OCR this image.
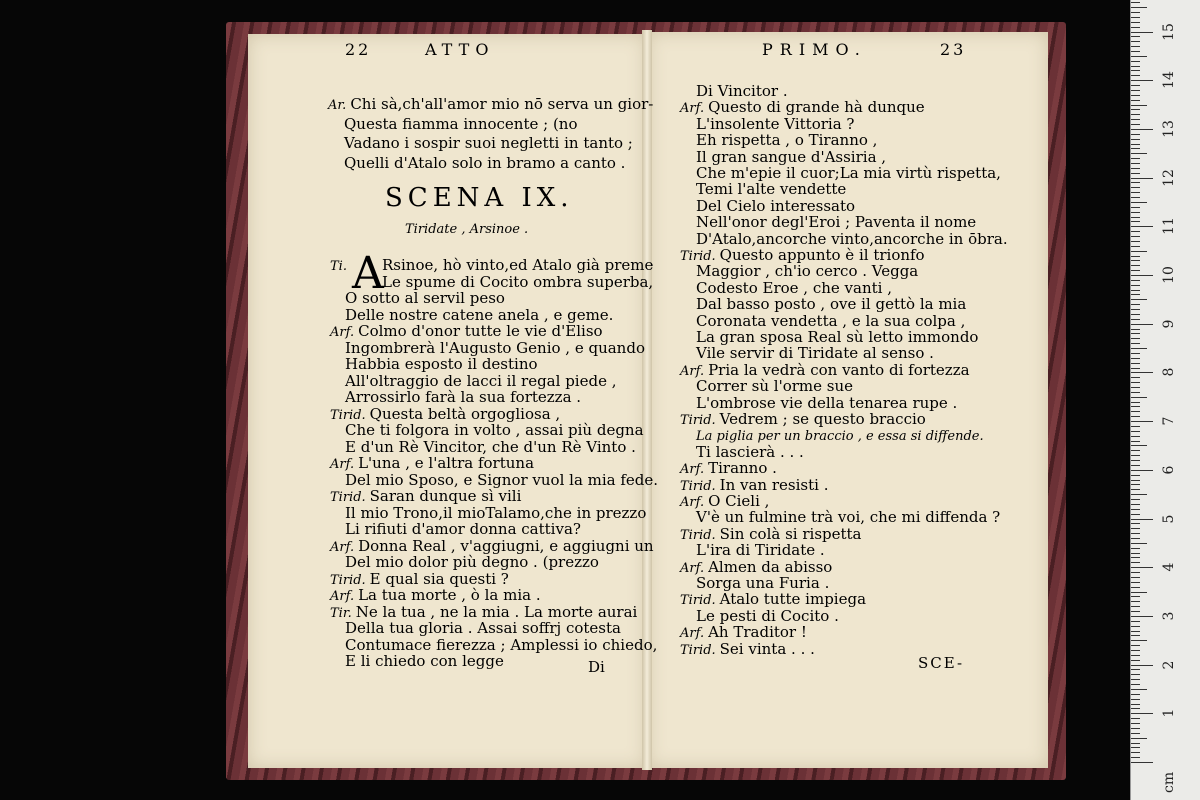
22	ATTO
Ar. Chi sà,ch'all'amor mio nō serva un gior-
Questa fiamma innocente ; (no
Vadano i sospir suoi negletti in tanto ;
Quelli d'Atalo solo in bramo a canto .
SCENA IX.
Tiridate , Arsinoe .
Ti. A
Rsinoe, hò vinto,ed Atalo già preme
Le spume di Cocito ombra superba,
O sotto al servil peso
Delle nostre catene anela , e geme.
Arf. Colmo d'onor tutte le vie d'Eliso
Ingombrerà l'Augusto Genio , e quando
Habbia esposto il destino
All'oltraggio de lacci il regal piede ,
Arrossirlo farà la sua fortezza .
Tirid. Questa beltà orgogliosa ,
Che ti folgora in volto , assai più degna
E d'un Rè Vincitor, che d'un Rè Vinto .
Arf. L'una , e l'altra fortuna
Del mio Sposo, e Signor vuol la mia fede.
Tirid. Saran dunque sì vili
Il mio Trono,il mioTalamo,che in prezzo
Li rifiuti d'amor donna cattiva?
Arf. Donna Real , v'aggiugni, e aggiugni un
Del mio dolor più degno . (prezzo
Tirid. E qual sia questi ?
Arf. La tua morte , ò la mia .
Tir. Ne la tua , ne la mia . La morte aurai
Della tua gloria . Assai soffrj cotesta
Contumace fierezza ; Amplessi io chiedo,
E li chiedo con legge	Di
PRIMO.	23
Di Vincitor .
Arf. Questo di grande hà dunque
L'insolente Vittoria ?
Eh rispetta , o Tiranno ,
Il gran sangue d'Assiria ,
Che m'epie il cuor;La mia virtù rispetta,
Temi l'alte vendette
Del Cielo interessato
Nell'onor degl'Eroi ; Paventa il nome
D'Atalo,ancorche vinto,ancorche in ōbra.
Tirid. Questo appunto è il trionfo
Maggior , ch'io cerco . Vegga
Codesto Eroe , che vanti ,
Dal basso posto , ove il gettò la mia
Coronata vendetta , e la sua colpa ,
La gran sposa Real sù letto immondo
Vile servir di Tiridate al senso .
Arf. Pria la vedrà con vanto di fortezza
Correr sù l'orme sue
L'ombrose vie della tenarea rupe .
Tirid. Vedrem ; se questo braccio
La piglia per un braccio , e essa si diffende.
Ti lascierà . . .
Arf. Tiranno .
Tirid. In van resisti .
Arf. O Cieli ,
V'è un fulmine trà voi, che mi diffenda ?
Tirid. Sin colà si rispetta
L'ira di Tiridate .
Arf. Almen da abisso
Sorga una Furia .
Tirid. Atalo tutte impiega
Le pesti di Cocito .
Arf. Ah Traditor !
Tirid. Sei vinta . . .
SCE-
1
2
3
4
5
6
7
8
9
10
11
12
13
14
15
cm
